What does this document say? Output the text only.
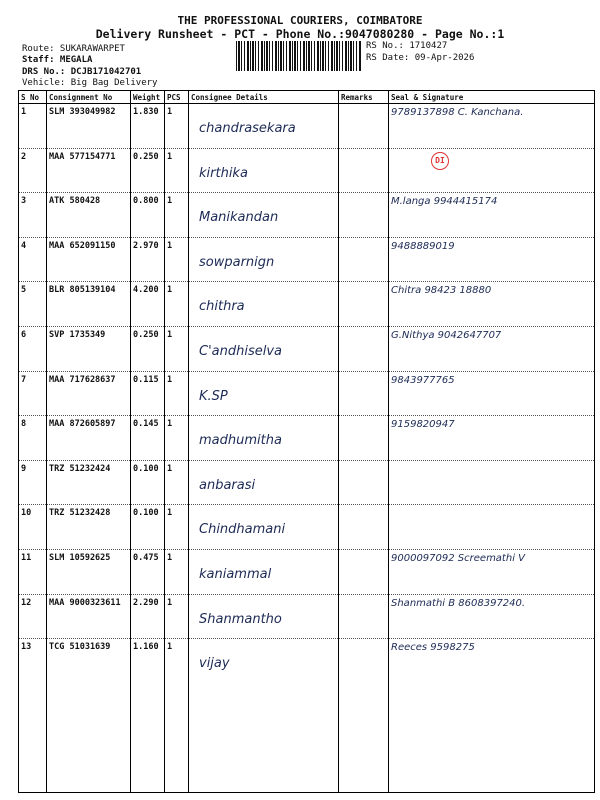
THE PROFESSIONAL COURIERS, COIMBATORE
Delivery Runsheet - PCT - Phone No.:9047080280 - Page No.:1
Route: SUKARAWARPET
Staff: MEGALA
DRS No.: DCJB171042701
Vehicle: Big Bag Delivery
RS No.: 1710427
RS Date: 09-Apr-2026
S No	Consignment No	Weight	PCS	Consignee Details	Remarks	Seal & Signature
1	SLM 393049982	1.830	1	chandrasekara		9789137898 C. Kanchana.
2	MAA 577154771	0.250	1	kirthika		DI
3	ATK 580428	0.800	1	Manikandan		M.langa 9944415174
4	MAA 652091150	2.970	1	sowparnign		9488889019
5	BLR 805139104	4.200	1	chithra		Chitra 98423 18880
6	SVP 1735349	0.250	1	C'andhiselva		G.Nithya 9042647707
7	MAA 717628637	0.115	1	K.SP		9843977765
8	MAA 872605897	0.145	1	madhumitha		9159820947
9	TRZ 51232424	0.100	1	anbarasi		
10	TRZ 51232428	0.100	1	Chindhamani		
11	SLM 10592625	0.475	1	kaniammal		9000097092 Screemathi V
12	MAA 9000323611	2.290	1	Shanmantho		Shanmathi B 8608397240.
13	TCG 51031639	1.160	1	vijay		Reeces 9598275
